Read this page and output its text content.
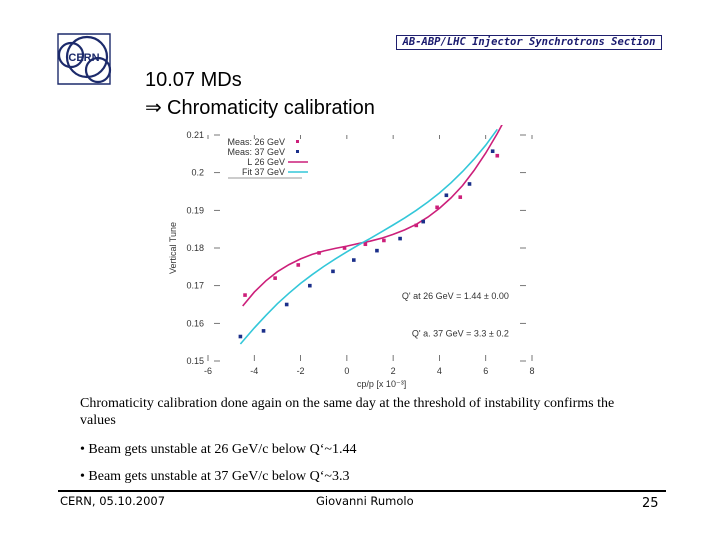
CERN
AB-ABP/LHC Injector Synchrotrons Section
10.07 MDs
⇒ Chromaticity calibration
0.15
0.16
0.17
0.18
0.19
0.2
0.21
-6	-4	-2	0	2	4	6	8
cp/p [x 10⁻³]
Vertical Tune
Meas: 26 GeV
Meas: 37 GeV
L 26 GeV
Fit 37 GeV
Q' at 26 GeV = 1.44 ± 0.00
Q' a. 37 GeV = 3.3 ± 0.2
Chromaticity calibration done again on the same day at the threshold of instability confirms the values
• Beam gets unstable at 26 GeV/c below Q‘~1.44
• Beam gets unstable at 37 GeV/c below Q‘~3.3
CERN, 05.10.2007	Giovanni Rumolo	25
